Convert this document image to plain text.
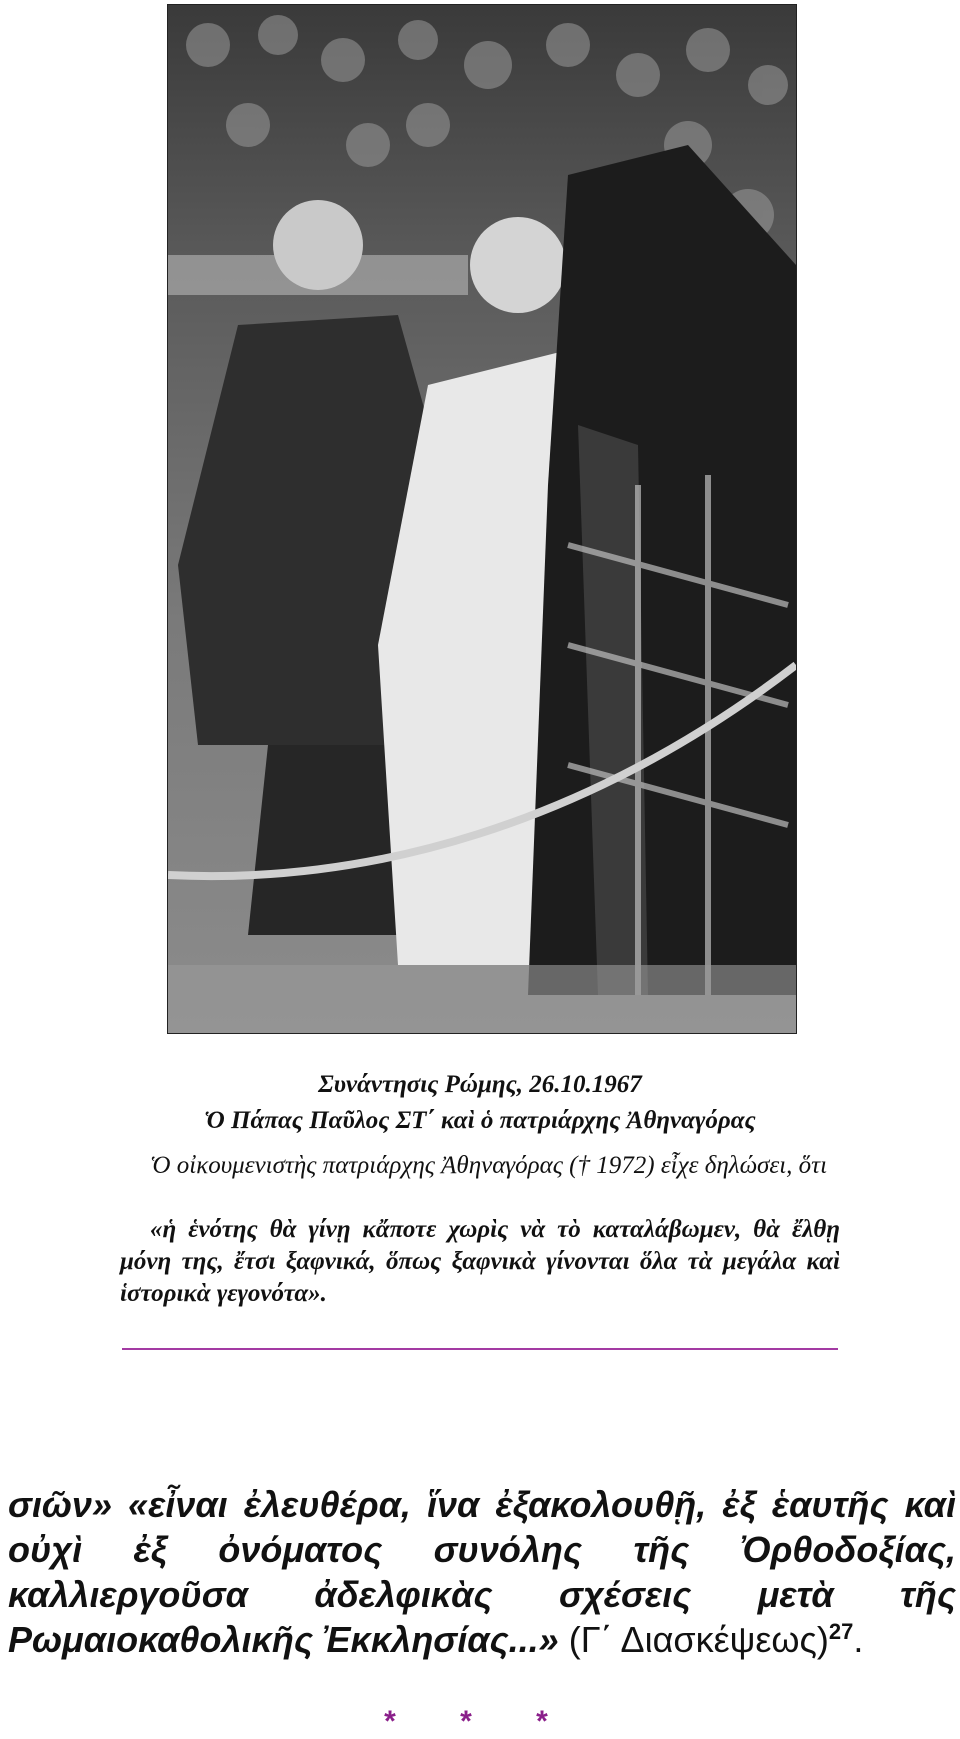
Συνάντησις Ρώμης, 26.10.1967
Ὁ Πάπας Παῦλος ΣΤ΄ καὶ ὁ πατριάρχης Ἀθηναγόρας
Ὁ οἰκουμενιστὴς πατριάρχης Ἀθηναγόρας († 1972) εἶχε δηλώσει, ὅτι
«ἡ ἑνότης θὰ γίνῃ κἄποτε χωρὶς νὰ τὸ καταλάβωμεν, θὰ ἔλθῃ μόνη της, ἔτσι ξαφνικά, ὅπως ξαφνικὰ γίνονται ὅλα τὰ μεγάλα καὶ ἱστορικὰ γεγονότα».
σιῶν» «εἶναι ἐλευθέρα, ἵνα ἐξακολουθῇ, ἐξ ἑαυτῆς καὶ οὐχὶ ἐξ ὀνόματος συνόλης τῆς Ὀρθοδοξίας, καλλιεργοῦσα ἀδελφικὰς σχέσεις μετὰ τῆς Ρωμαιοκαθολικῆς Ἐκκλησίας...» (Γ΄ Διασκέψεως)$^{27}$.
* * *
